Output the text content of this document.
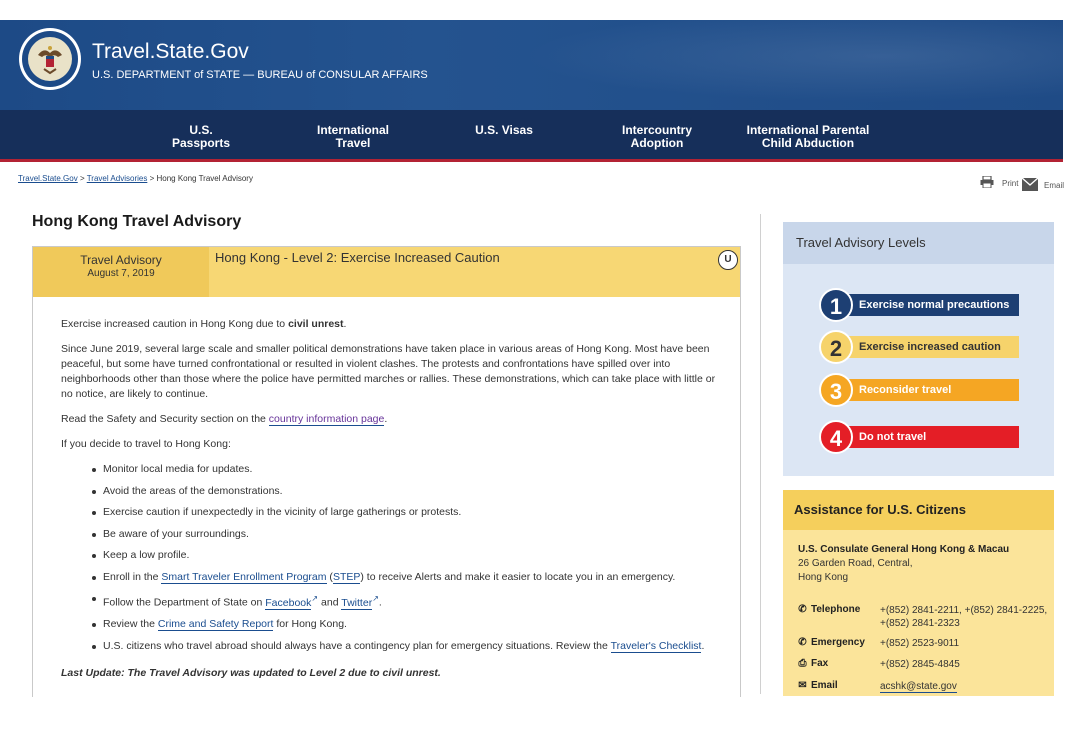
Travel.State.Gov
U.S. DEPARTMENT of STATE — BUREAU of CONSULAR AFFAIRS
U.S. Passports
International Travel
U.S. Visas	Intercountry Adoption
International Parental
Child Abduction
Travel.State.Gov > Travel Advisories > Hong Kong Travel Advisory
Print	Email
Hong Kong Travel Advisory
Travel Advisory
August 7, 2019
Hong Kong - Level 2: Exercise Increased Caution	U

Exercise increased caution in Hong Kong due to civil unrest.

Since June 2019, several large scale and smaller political demonstrations have taken place in various areas of Hong Kong. Most have been peaceful, but some have turned confrontational or resulted in violent clashes. The protests and confrontations have spilled over into neighborhoods other than those where the police have permitted marches or rallies. These demonstrations, which can take place with little or no notice, are likely to continue.

Read the Safety and Security section on the country information page.

If you decide to travel to Hong Kong:

Monitor local media for updates.
Avoid the areas of the demonstrations.
Exercise caution if unexpectedly in the vicinity of large gatherings or protests.
Be aware of your surroundings.
Keep a low profile.
Enroll in the Smart Traveler Enrollment Program (STEP) to receive Alerts and make it easier to locate you in an emergency.
Follow the Department of State on Facebook↗ and Twitter↗.
Review the Crime and Safety Report for Hong Kong.
U.S. citizens who travel abroad should always have a contingency plan for emergency situations. Review the Traveler's Checklist.

Last Update: The Travel Advisory was updated to Level 2 due to civil unrest.

Travel Advisory Levels
Exercise normal precautions
1
Exercise increased caution
2
Reconsider travel
3
Do not travel
4
Assistance for U.S. Citizens
U.S. Consulate General Hong Kong & Macau
26 Garden Road, Central,
Hong Kong
✆ Telephone	+(852) 2841-2211, +(852) 2841-2225, +(852) 2841-2323
✆ Emergency	+(852) 2523-9011
⎙ Fax	+(852) 2845-4845
✉ Email	acshk@state.gov
